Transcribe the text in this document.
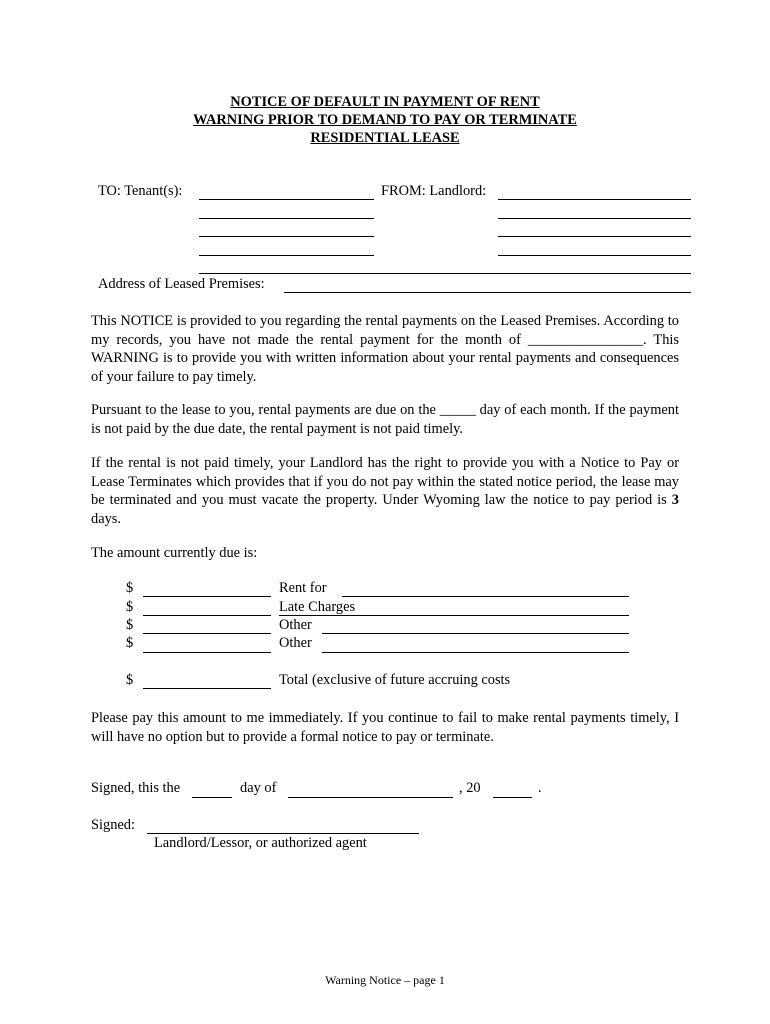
NOTICE OF DEFAULT IN PAYMENT OF RENT
WARNING PRIOR TO DEMAND TO PAY OR TERMINATE
RESIDENTIAL LEASE
TO: Tenant(s):	FROM: Landlord:
Address of Leased Premises:

This NOTICE is provided to you regarding the rental payments on the Leased Premises. According to my records, you have not made the rental payment for the month of ________________. This WARNING is to provide you with written information about your rental payments and consequences of your failure to pay timely.

Pursuant to the lease to you, rental payments are due on the _____ day of each month. If the payment is not paid by the due date, the rental payment is not paid timely.

If the rental is not paid timely, your Landlord has the right to provide you with a Notice to Pay or Lease Terminates which provides that if you do not pay within the stated notice period, the lease may be terminated and you must vacate the property. Under Wyoming law the notice to pay period is 3 days.

The amount currently due is:
$	Rent for
$	Late Charges
$	Other
$	Other
$	Total (exclusive of future accruing costs

Please pay this amount to me immediately. If you continue to fail to make rental payments timely, I will have no option but to provide a formal notice to pay or terminate.

Signed, this the	day of	, 20	.
Signed:
Landlord/Lessor, or authorized agent
Warning Notice – page 1
